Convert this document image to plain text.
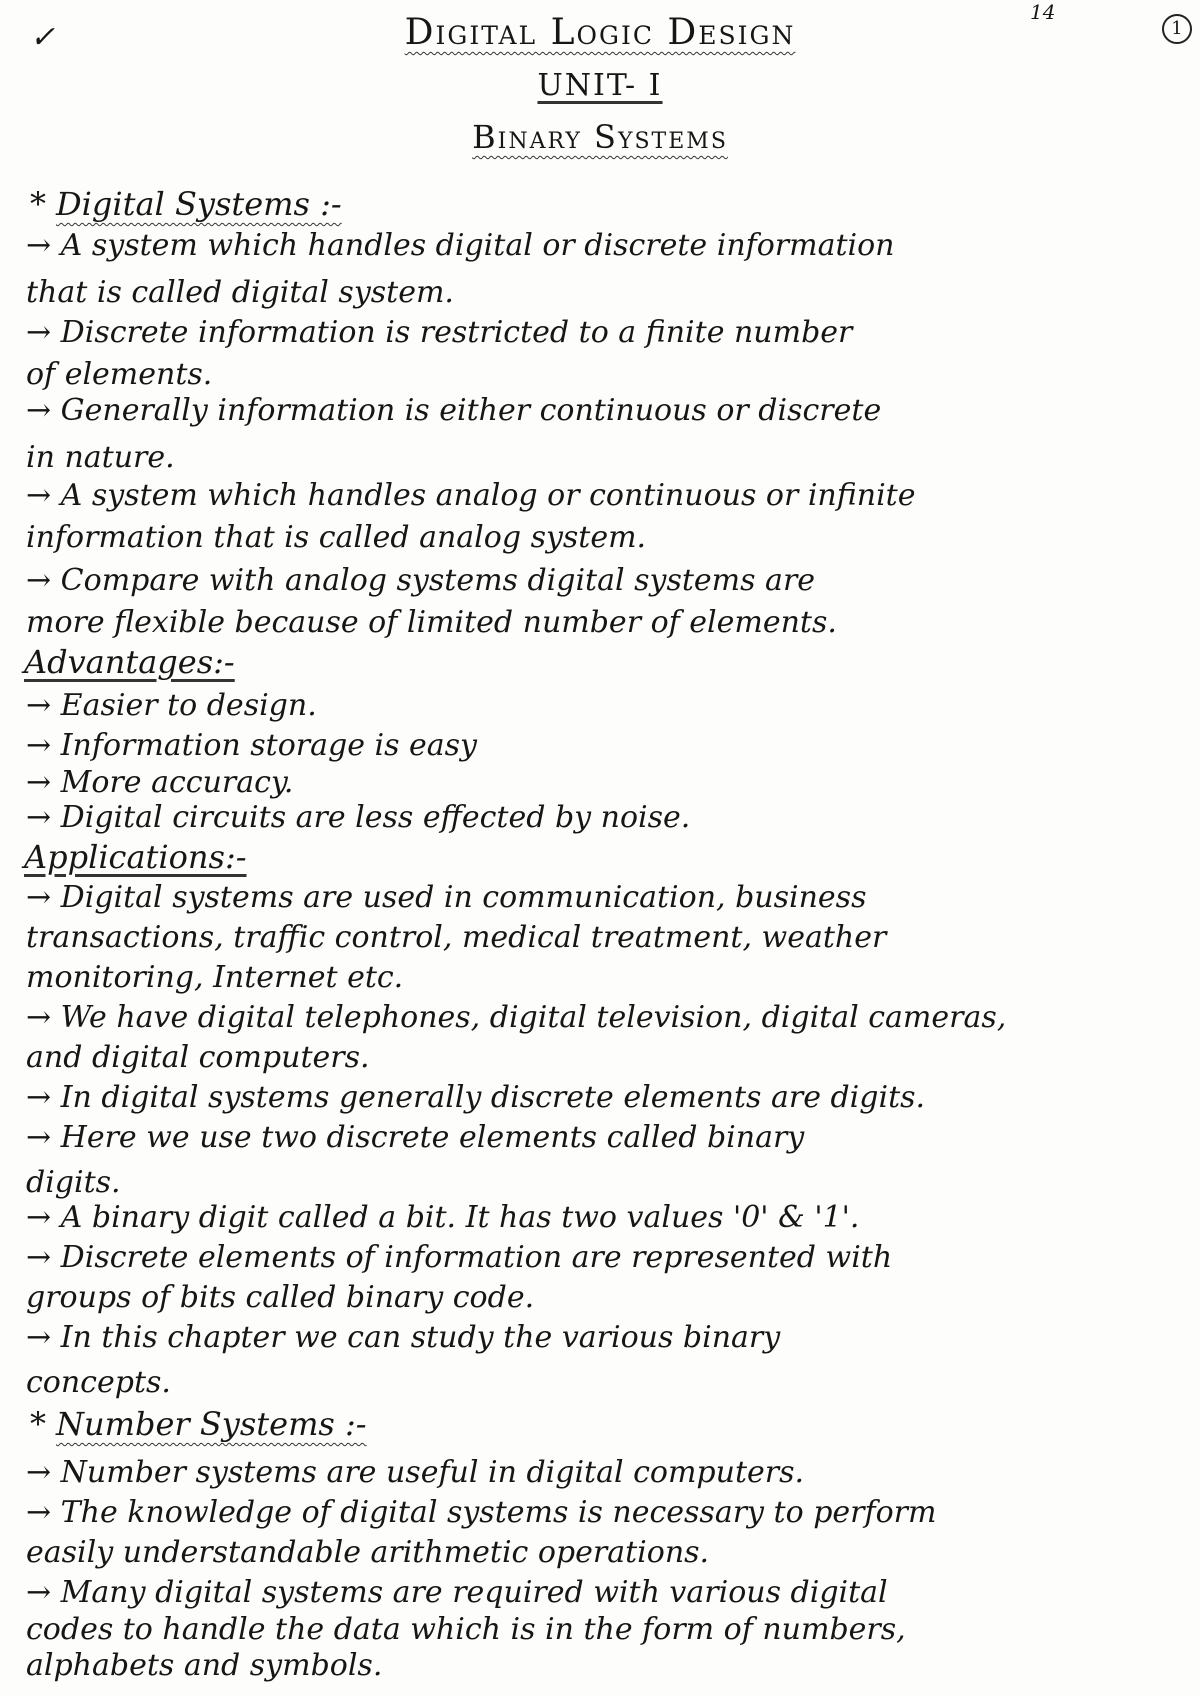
✓
14
1
Digital Logic Design
UNIT- I
Binary Systems
* Digital Systems :-
→ A system which handles digital or discrete information
that is called digital system.
→ Discrete information is restricted to a finite number
of elements.
→ Generally information is either continuous or discrete
in nature.
→ A system which handles analog or continuous or infinite
information that is called analog system.
→ Compare with analog systems digital systems are
more flexible because of limited number of elements.
Advantages:-
→ Easier to design.
→ Information storage is easy
→ More accuracy.
→ Digital circuits are less effected by noise.
Applications:-
→ Digital systems are used in communication, business
transactions, traffic control, medical treatment, weather
monitoring, Internet etc.
→ We have digital telephones, digital television, digital cameras,
and digital computers.
→ In digital systems generally discrete elements are digits.
→ Here we use two discrete elements called binary
digits.
→ A binary digit called a bit. It has two values '0' & '1'.
→ Discrete elements of information are represented with
groups of bits called binary code.
→ In this chapter we can study the various binary
concepts.
* Number Systems :-
→ Number systems are useful in digital computers.
→ The knowledge of digital systems is necessary to perform
easily understandable arithmetic operations.
→ Many digital systems are required with various digital
codes to handle the data which is in the form of numbers,
alphabets and symbols.
